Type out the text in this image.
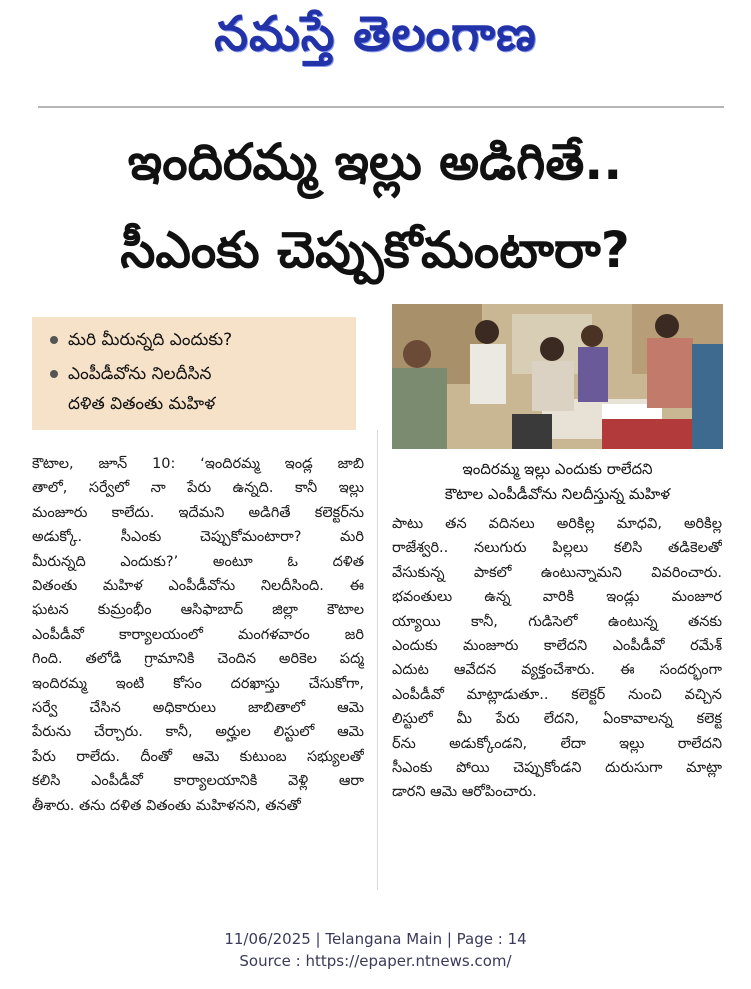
నమస్తే తెలంగాణ
ఇందిరమ్మ ఇల్లు అడిగితే..
సీఎంకు చెప్పుకోమంటారా?
మరి మీరున్నది ఎందుకు?
ఎంపీడీవోను నిలదీసిన
దళిత వితంతు మహిళ
ఇందిరమ్మ ఇల్లు ఎందుకు రాలేదని
కౌటాల ఎంపీడీవోను నిలదీస్తున్న మహిళ
కౌటాల, జూన్ 10: ‘ఇందిరమ్మ ఇండ్ల జాబి
తాలో, సర్వేలో నా పేరు ఉన్నది. కానీ ఇల్లు
మంజూరు కాలేదు. ఇదేమని అడిగితే కలెక్టర్‌ను
అడుక్కో. సీఎంకు చెప్పుకోమంటారా? మరి
మీరున్నది ఎందుకు?’ అంటూ ఓ దళిత
వితంతు మహిళ ఎంపీడీవోను నిలదీసింది. ఈ
ఘటన కుమ్రంభీం ఆసిఫాబాద్ జిల్లా కౌటాల
ఎంపీడీవో కార్యాలయంలో మంగళవారం జరి
గింది. తలోడి గ్రామానికి చెందిన అరికెల పద్మ
ఇందిరమ్మ ఇంటి కోసం దరఖాస్తు చేసుకోగా,
సర్వే చేసిన అధికారులు జాబితాలో ఆమె
పేరును చేర్చారు. కానీ, అర్హుల లిస్టులో ఆమె
పేరు రాలేదు. దీంతో ఆమె కుటుంబ సభ్యులతో
కలిసి ఎంపీడీవో కార్యాలయానికి వెళ్లి ఆరా
తీశారు. తను దళిత వితంతు మహిళనని, తనతో
పాటు తన వదినలు అరికిల్ల మాధవి, అరికిల్ల
రాజేశ్వరి.. నలుగురు పిల్లలు కలిసి తడికెలతో
వేసుకున్న పాకలో ఉంటున్నామని వివరించారు.
భవంతులు ఉన్న వారికి ఇండ్లు మంజూర
య్యాయి కానీ, గుడిసెలో ఉంటున్న తనకు
ఎందుకు మంజూరు కాలేదని ఎంపీడీవో రమేశ్
ఎదుట ఆవేదన వ్యక్తంచేశారు. ఈ సందర్భంగా
ఎంపీడీవో మాట్లాడుతూ.. కలెక్టర్ నుంచి వచ్చిన
లిస్టులో మీ పేరు లేదని, ఏంకావాలన్న కలెక్ట
ర్‌ను అడుక్కోండని, లేదా ఇల్లు రాలేదని
సీఎంకు పోయి చెప్పుకోండని దురుసుగా మాట్లా
డారని ఆమె ఆరోపించారు.
11/06/2025 | Telangana Main | Page : 14
Source : https://epaper.ntnews.com/
